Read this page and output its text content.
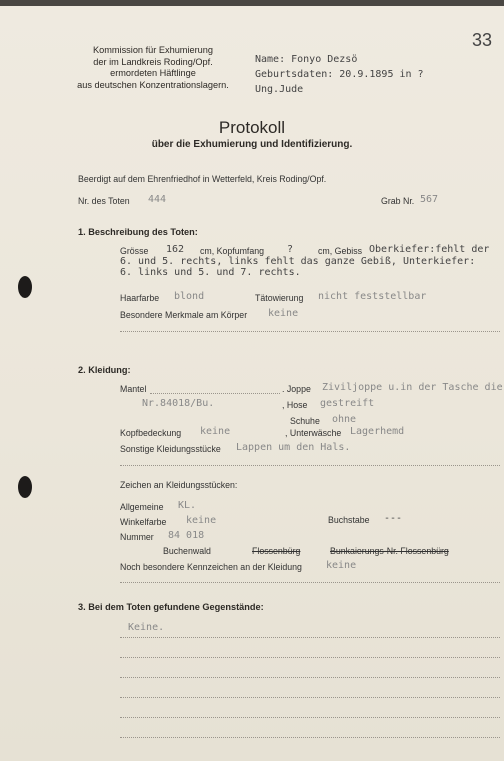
33
Kommission für Exhumierung
der im Landkreis Roding/Opf.
ermordeten Häftlinge
aus deutschen Konzentrationslagern.
Name: Fonyo Dezsö
Geburtsdaten: 20.9.1895 in ?
Ung.Jude
Protokoll
über die Exhumierung und Identifizierung.
Beerdigt auf dem Ehrenfriedhof in Wetterfeld, Kreis Roding/Opf.
Nr. des Toten 444	Grab Nr. 567
1. Beschreibung des Toten:
Grösse 162 cm, Kopfumfang ?	cm, Gebiss Oberkiefer:fehlt der
6. und 5. rechts, links fehlt das ganze Gebiß, Unterkiefer:
6. links und 5. und 7. rechts.
Haarfarbe blond	Tätowierung nicht feststellbar
Besondere Merkmale am Körper keine
2. Kleidung:
Mantel	. Joppe Ziviljoppe u.in der Tasche die
Nr.84018/Bu.	, Hose gestreift
Schuhe ohne
Kopfbedeckung keine	, Unterwäsche Lagerhemd
Sonstige Kleidungsstücke Lappen um den Hals.
Zeichen an Kleidungsstücken:
Allgemeine KL.
Winkelfarbe keine	Buchstabe ---
Nummer 84 018
Buchenwald	Flossenbürg	Bunkaierungs-Nr. Flossenbürg
Noch besondere Kennzeichen an der Kleidung keine
3. Bei dem Toten gefundene Gegenstände:
Keine.
